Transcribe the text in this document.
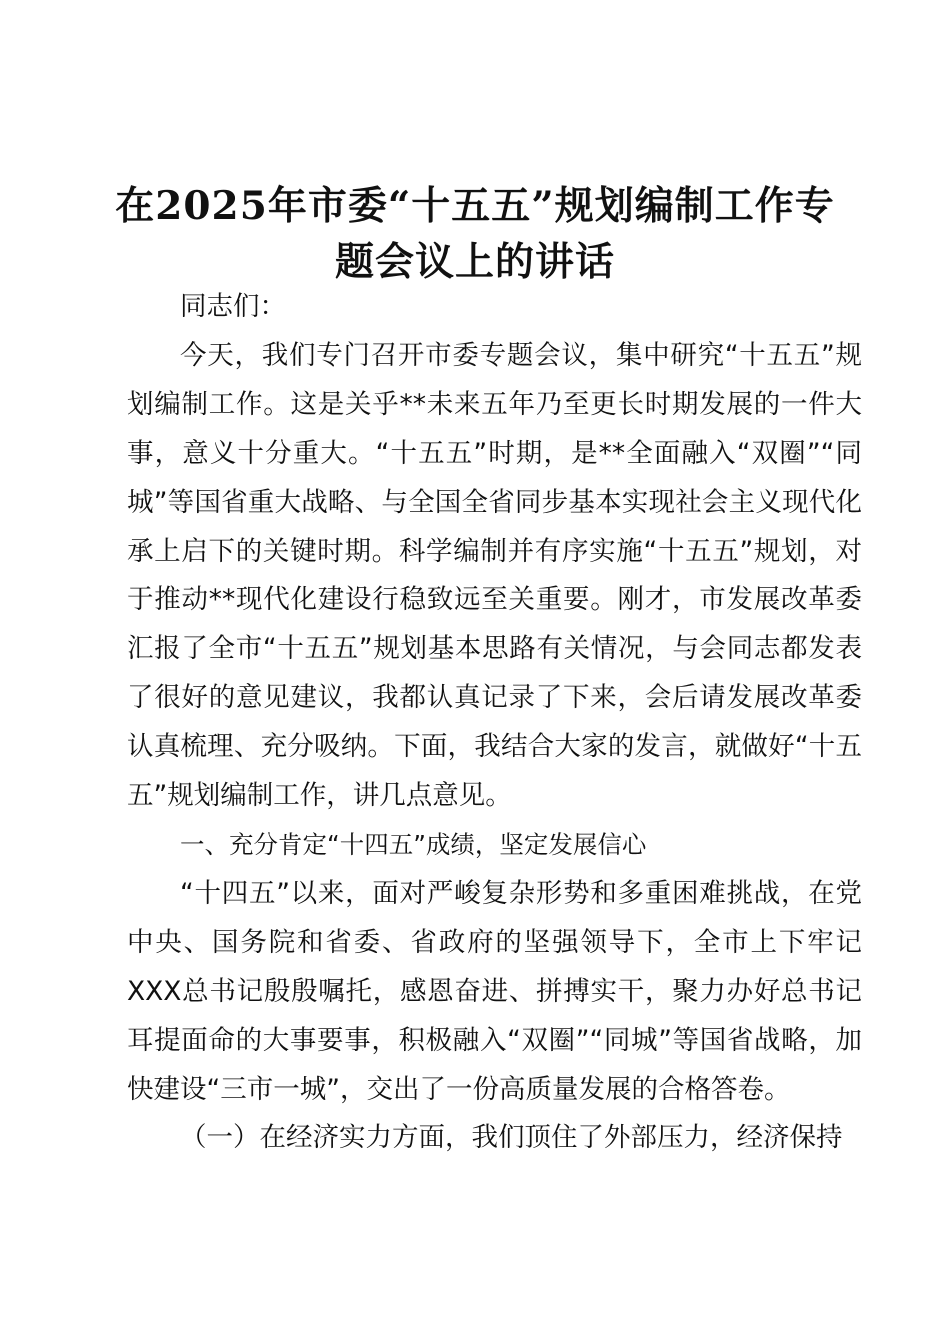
在2025年市委“十五五”规划编制工作专题会议上的讲话

同志们：

今天，我们专门召开市委专题会议，集中研究“十五五”规划编制工作。这是关乎**未来五年乃至更长时期发展的一件大事，意义十分重大。“十五五”时期，是**全面融入“双圈”“同城”等国省重大战略、与全国全省同步基本实现社会主义现代化承上启下的关键时期。科学编制并有序实施“十五五”规划，对于推动**现代化建设行稳致远至关重要。刚才，市发展改革委汇报了全市“十五五”规划基本思路有关情况，与会同志都发表了很好的意见建议，我都认真记录了下来，会后请发展改革委认真梳理、充分吸纳。下面，我结合大家的发言，就做好“十五五”规划编制工作，讲几点意见。

一、充分肯定“十四五”成绩，坚定发展信心

“十四五”以来，面对严峻复杂形势和多重困难挑战，在党中央、国务院和省委、省政府的坚强领导下，全市上下牢记XXX总书记殷殷嘱托，感恩奋进、拼搏实干，聚力办好总书记耳提面命的大事要事，积极融入“双圈”“同城”等国省战略，加快建设“三市一城”，交出了一份高质量发展的合格答卷。

（一）在经济实力方面，我们顶住了外部压力，经济保持
